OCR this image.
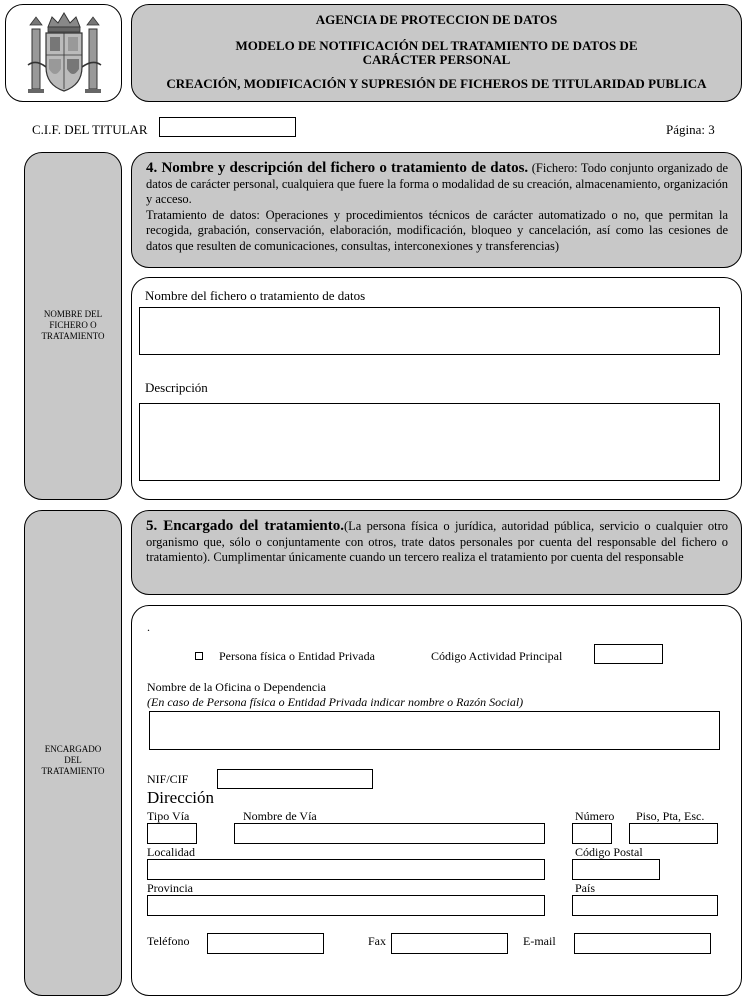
AGENCIA DE PROTECCION DE DATOS
MODELO DE NOTIFICACIÓN DEL TRATAMIENTO DE DATOS DE CARÁCTER PERSONAL
CREACIÓN, MODIFICACIÓN Y SUPRESIÓN DE FICHEROS DE TITULARIDAD PUBLICA
C.I.F. DEL TITULAR	Página: 3
NOMBRE DEL FICHERO O TRATAMIENTO
4. Nombre y descripción del fichero o tratamiento de datos. (Fichero: Todo conjunto organizado de datos de carácter personal, cualquiera que fuere la forma o modalidad de su creación, almacenamiento, organización y acceso.
Tratamiento de datos: Operaciones y procedimientos técnicos de carácter automatizado o no, que permitan la recogida, grabación, conservación, elaboración, modificación, bloqueo y cancelación, así como las cesiones de datos que resulten de comunicaciones, consultas, interconexiones y transferencias)
Nombre del fichero o tratamiento de datos
Descripción
ENCARGADO DEL TRATAMIENTO
5. Encargado del tratamiento.(La persona física o jurídica, autoridad pública, servicio o cualquier otro organismo que, sólo o conjuntamente con otros, trate datos personales por cuenta del responsable del fichero o tratamiento). Cumplimentar únicamente cuando un tercero realiza el tratamiento por cuenta del responsable
.
Persona física o Entidad Privada	Código Actividad Principal
Nombre de la Oficina o Dependencia
(En caso de Persona física o Entidad Privada indicar nombre o Razón Social)
NIF/CIF
Dirección
Tipo Vía	Nombre de Vía	Número Piso, Pta, Esc.
Localidad	Código Postal
Provincia	País
Teléfono	Fax	E-mail
